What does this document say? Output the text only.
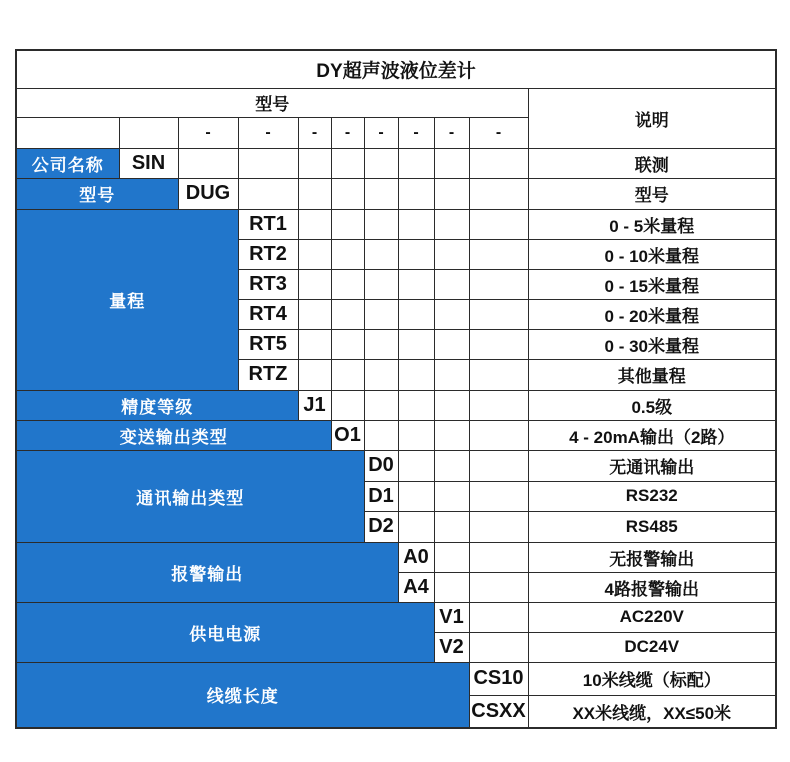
DY超声波液位差计										
型号										说明
		-	-	-	-	-	-	-	-	
公司名称	SIN									联测
型号		DUG								型号
量程			RT1							0 - 5米量程
			RT2							0 - 10米量程
			RT3							0 - 15米量程
			RT4							0 - 20米量程
			RT5							0 - 30米量程
			RTZ							其他量程
精度等级				J1						0.5级
变送输出类型					O1					4 - 20mA输出（2路）
通讯输出类型						D0				无通讯输出
						D1				RS232
						D2				RS485
报警输出							A0			无报警输出
							A4			4路报警输出
供电电源								V1		AC220V
								V2		DC24V
线缆长度									CS10	10米线缆（标配）
									CSXX	XX米线缆，XX≤50米
